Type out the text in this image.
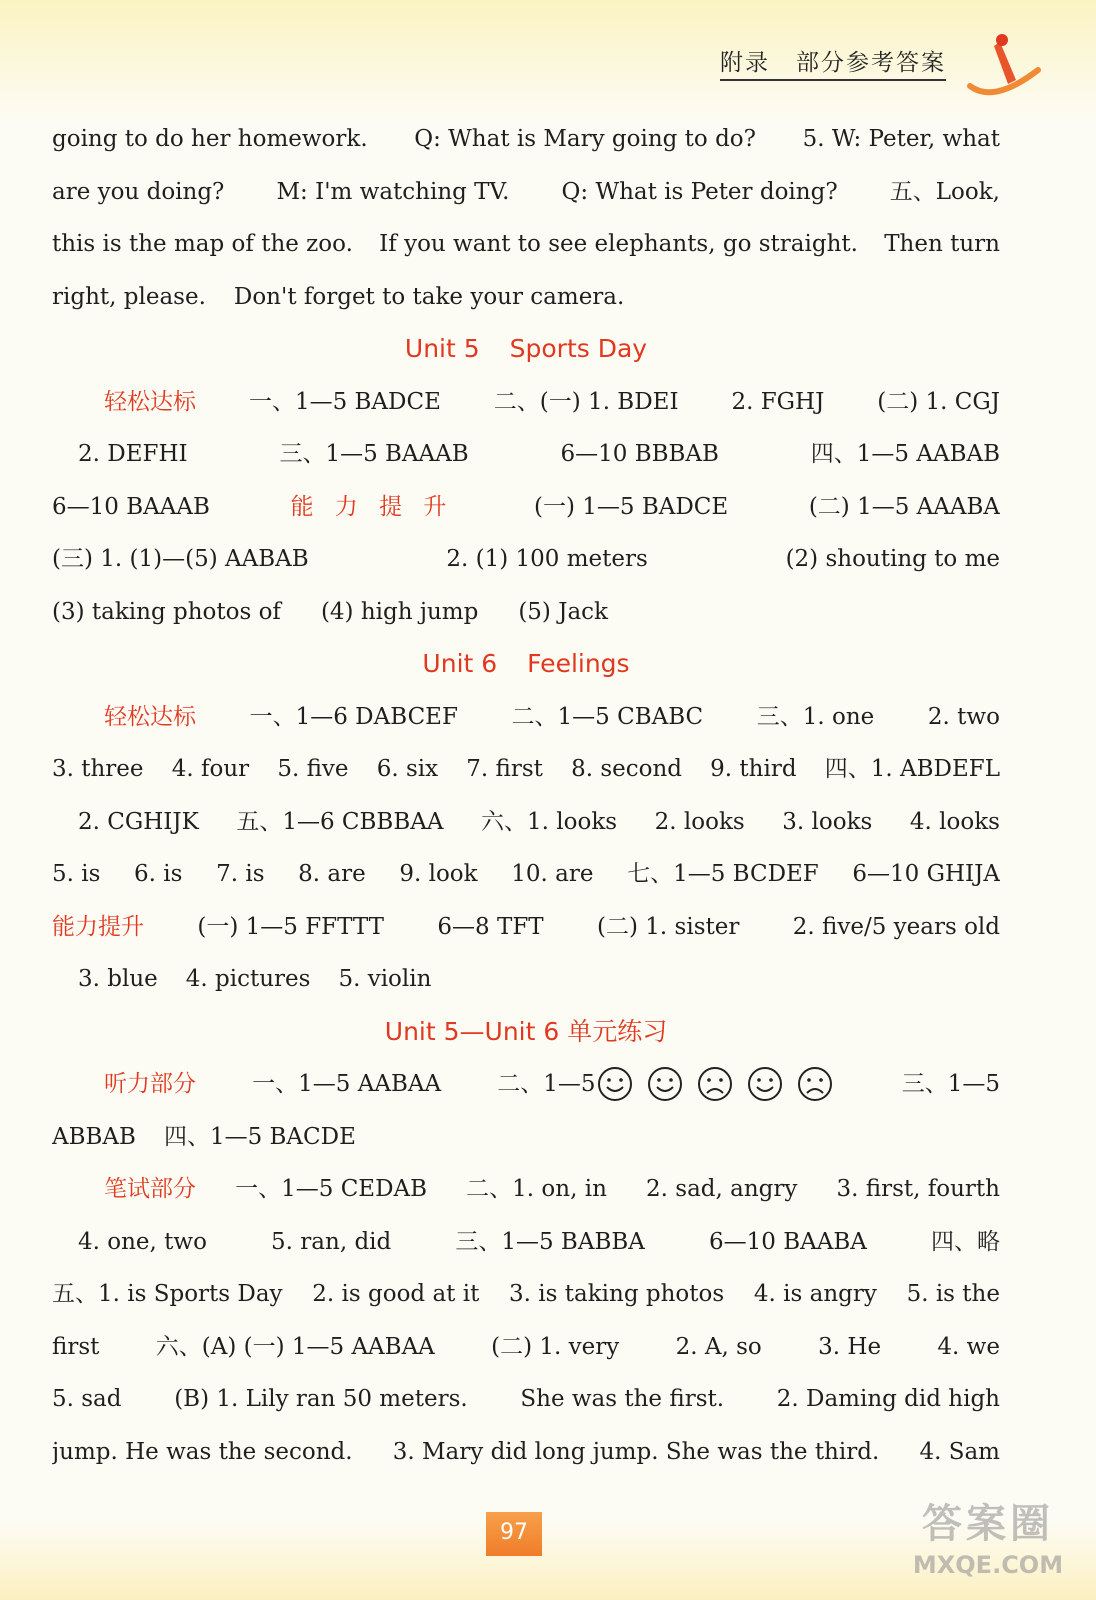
附录 部分参考答案
going to do her homework. Q: What is Mary going to do? 5. W: Peter, what
are you doing? M: I'm watching TV. Q: What is Peter doing? 五、Look,
this is the map of the zoo. If you want to see elephants, go straight. Then turn
right, please. Don't forget to take your camera.
Unit 5 Sports Day
轻松达标 一、1—5 BADCE 二、(一) 1. BDEI 2. FGHJ (二) 1. CGJ
2. DEFHI	三、1—5 BAAAB	6—10 BBBAB	四、1—5 AABAB
6—10 BAAAB	能 力 提 升	(一) 1—5 BADCE	(二) 1—5 AAABA
(三) 1. (1)—(5) AABAB	2. (1) 100 meters	(2) shouting to me
(3) taking photos of (4) high jump (5) Jack
Unit 6 Feelings
轻松达标 一、1—6 DABCEF 二、1—5 CBABC 三、1. one 2. two
3. three 4. four 5. five 6. six 7. first 8. second 9. third 四、1. ABDEFL
2. CGHIJK 五、1—6 CBBBAA 六、1. looks 2. looks 3. looks 4. looks
5. is 6. is 7. is 8. are 9. look 10. are 七、1—5 BCDEF 6—10 GHIJA
能力提升 (一) 1—5 FFTTT 6—8 TFT (二) 1. sister 2. five/5 years old
3. blue 4. pictures 5. violin
Unit 5—Unit 6 单元练习
听力部分 一、1—5 AABAA 二、1—5	三、1—5
ABBAB 四、1—5 BACDE
笔试部分 一、1—5 CEDAB 二、1. on, in 2. sad, angry 3. first, fourth
4. one, two	5. ran, did	三、1—5 BABBA	6—10 BAABA	四、略
五、1. is Sports Day 2. is good at it 3. is taking photos 4. is angry 5. is the
first 六、(A) (一) 1—5 AABAA (二) 1. very 2. A, so 3. He 4. we
5. sad (B) 1. Lily ran 50 meters. She was the first. 2. Daming did high
jump. He was the second. 3. Mary did long jump. She was the third. 4. Sam
97	答案圈
MXQE.COM
